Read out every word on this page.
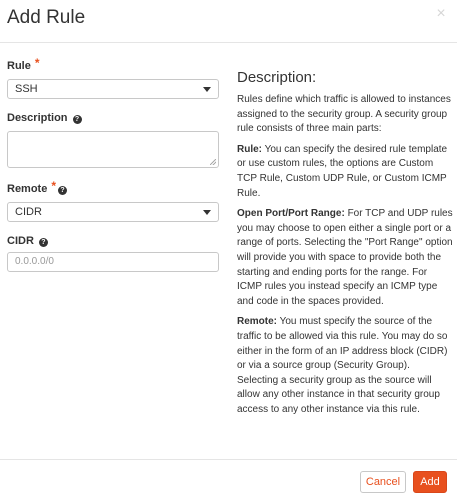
Add Rule	×
Rule *
SSH
Description ?
Remote * ?
CIDR
CIDR ?
0.0.0.0/0
Description:

Rules define which traffic is allowed to instances assigned to the security group. A security group rule consists of three main parts:

Rule: You can specify the desired rule template or use custom rules, the options are Custom TCP Rule, Custom UDP Rule, or Custom ICMP Rule.

Open Port/Port Range: For TCP and UDP rules you may choose to open either a single port or a range of ports. Selecting the "Port Range" option will provide you with space to provide both the starting and ending ports for the range. For ICMP rules you instead specify an ICMP type and code in the spaces provided.

Remote: You must specify the source of the traffic to be allowed via this rule. You may do so either in the form of an IP address block (CIDR) or via a source group (Security Group). Selecting a security group as the source will allow any other instance in that security group access to any other instance via this rule.

Cancel	Add
